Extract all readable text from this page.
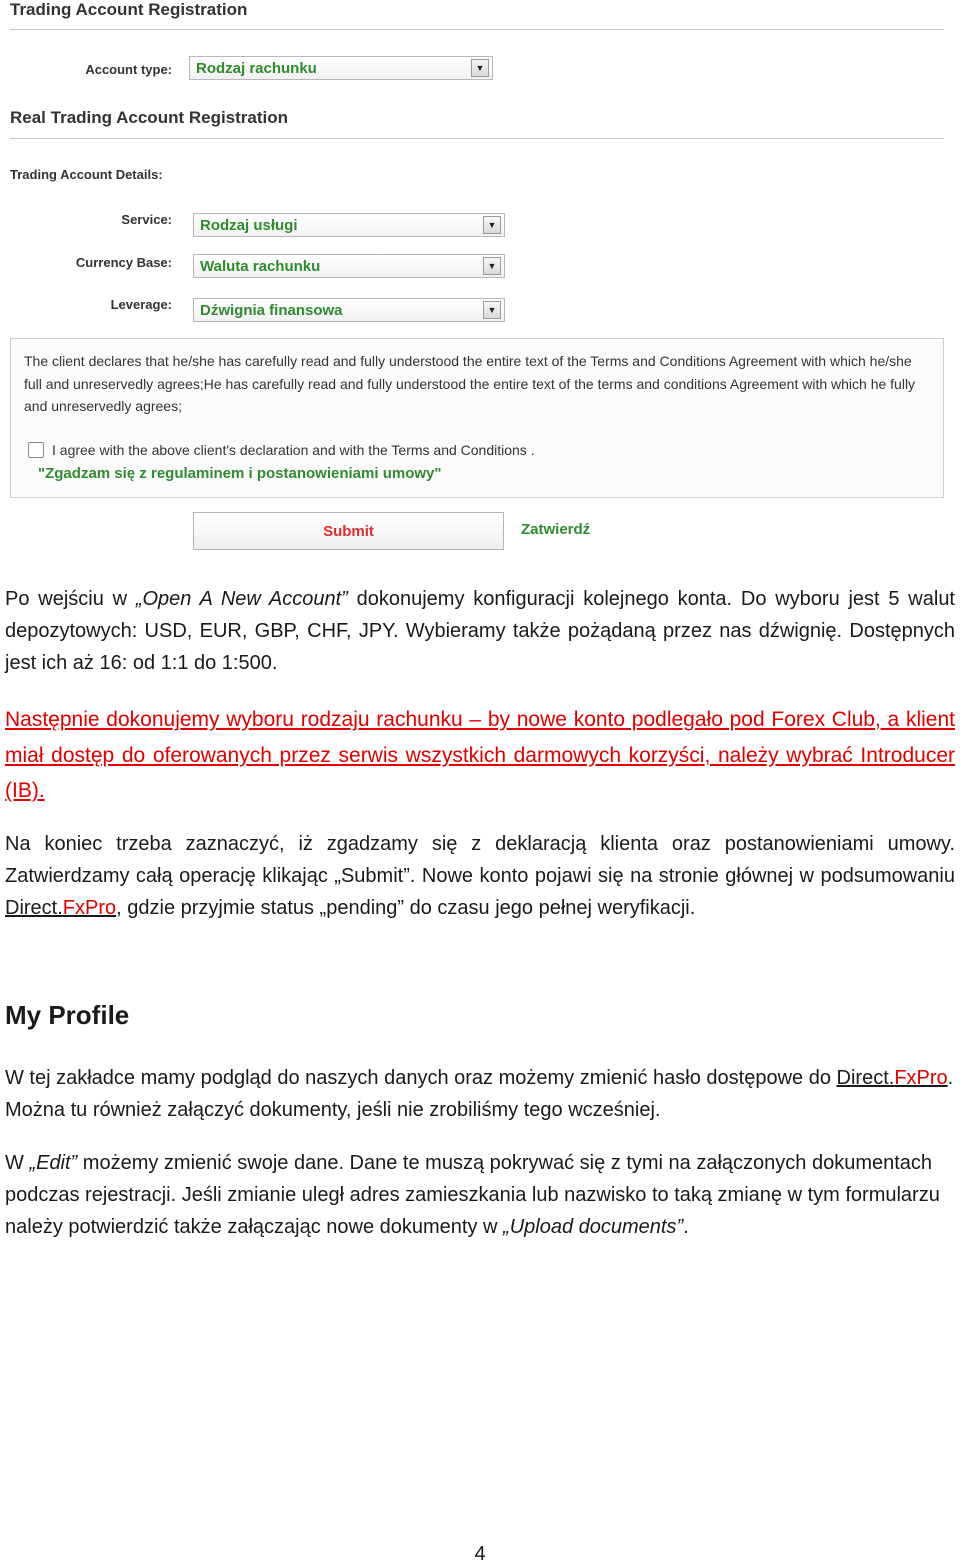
Trading Account Registration
Account type:	Rodzaj rachunku	▼
Real Trading Account Registration
Trading Account Details:
Service:	Rodzaj usługi	▼
Currency Base:	Waluta rachunku	▼
Leverage:	Dźwignia finansowa	▼
The client declares that he/she has carefully read and fully understood the entire text of the Terms and Conditions Agreement with which he/she full and unreservedly agrees;He has carefully read and fully understood the entire text of the terms and conditions Agreement with which he fully and unreservedly agrees;
I agree with the above client's declaration and with the Terms and Conditions .
"Zgadzam się z regulaminem i postanowieniami umowy"
Submit	Zatwierdź
Po wejściu w „Open A New Account” dokonujemy konfiguracji kolejnego konta. Do wyboru jest 5 walut depozytowych: USD, EUR, GBP, CHF, JPY. Wybieramy także pożądaną przez nas dźwignię. Dostępnych jest ich aż 16: od 1:1 do 1:500.
Następnie dokonujemy wyboru rodzaju rachunku – by nowe konto podlegało pod Forex Club, a klient miał dostęp do oferowanych przez serwis wszystkich darmowych korzyści, należy wybrać Introducer (IB).
Na koniec trzeba zaznaczyć, iż zgadzamy się z deklaracją klienta oraz postanowieniami umowy. Zatwierdzamy całą operację klikając „Submit”. Nowe konto pojawi się na stronie głównej w podsumowaniu Direct.FxPro, gdzie przyjmie status „pending” do czasu jego pełnej weryfikacji.
My Profile
W tej zakładce mamy podgląd do naszych danych oraz możemy zmienić hasło dostępowe do Direct.FxPro. Można tu również załączyć dokumenty, jeśli nie zrobiliśmy tego wcześniej.
W „Edit” możemy zmienić swoje dane. Dane te muszą pokrywać się z tymi na załączonych dokumentach podczas rejestracji. Jeśli zmianie uległ adres zamieszkania lub nazwisko to taką zmianę w tym formularzu należy potwierdzić także załączając nowe dokumenty w „Upload documents”.
4
